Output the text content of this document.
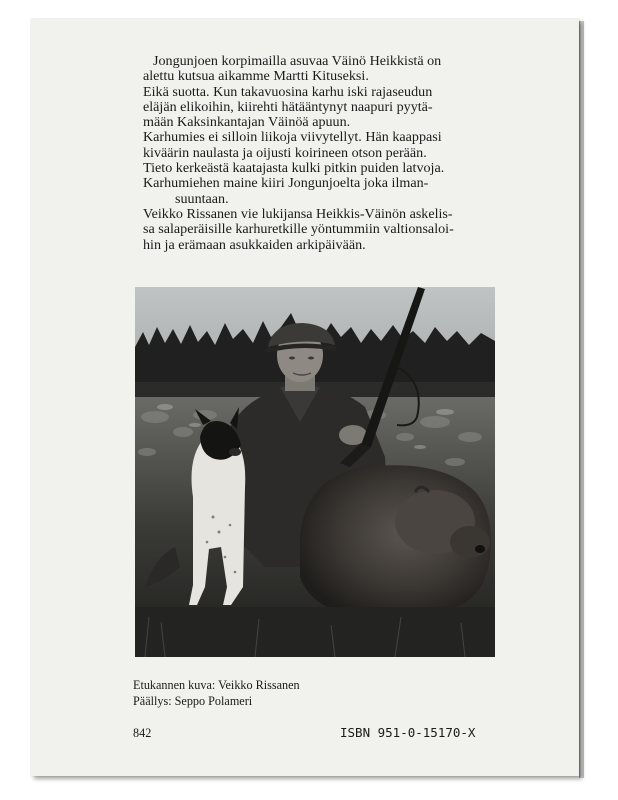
Jongunjoen korpimailla asuvaa Väinö Heikkistä on
alettu kutsua aikamme Martti Kituseksi.
Eikä suotta. Kun takavuosina karhu iski rajaseudun
eläjän elikoihin, kiirehti hätääntynyt naapuri pyytä-
mään Kaksinkantajan Väinöä apuun.
Karhumies ei silloin liikoja viivytellyt. Hän kaappasi
kiväärin naulasta ja oijusti koirineen otson perään.
Tieto kerkeästä kaatajasta kulki pitkin puiden latvoja.
Karhumiehen maine kiiri Jongunjoelta joka ilman-
suuntaan.
Veikko Rissanen vie lukijansa Heikkis-Väinön askelis-
sa salaperäisille karhuretkille yöntummiin valtionsaloi-
hin ja erämaan asukkaiden arkipäivään.
Etukannen kuva: Veikko Rissanen
Päällys: Seppo Polameri
842	ISBN 951-0-15170-X
